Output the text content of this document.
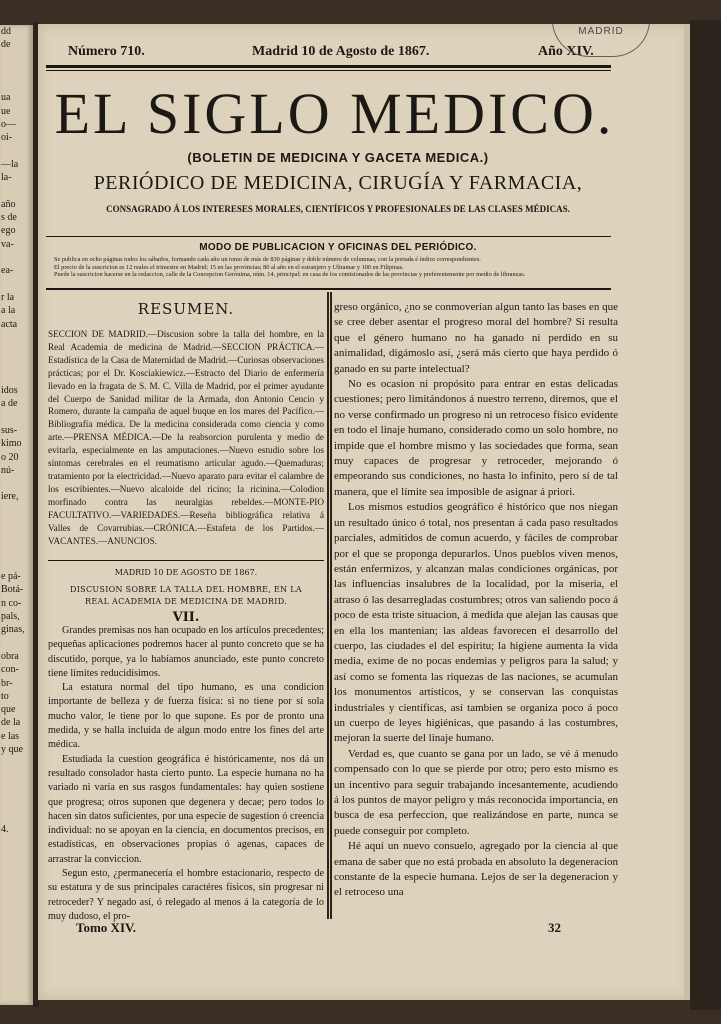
dd
de

ua
ue
o—
oi-

—la
la-

año
s de
ego
va-

ea-

r la
a la
acta

idos
a de

sus-
kimo
o 20
nú-

iere,

e pá-
Botá-
n co-
pals,
ginas,

obra
con-
br-
to
que
de la
e las
y que

4.
Número 710.	Madrid 10 de Agosto de 1867.	Año XIV.
MADRID
EL SIGLO MEDICO.
(BOLETIN DE MEDICINA Y GACETA MEDICA.)
PERIÓDICO DE MEDICINA, CIRUGÍA Y FARMACIA,
CONSAGRADO Á LOS INTERESES MORALES, CIENTÍFICOS Y PROFESIONALES DE LAS CLASES MÉDICAS.
MODO DE PUBLICACION Y OFICINAS DEL PERIÓDICO.
Se publica en ocho páginas todos los sábados, formando cada año un tomo de más de 830 páginas y doble número de columnas, con la portada é índice correspondientes.
El precio de la suscricion es 12 reales el trimestre en Madrid; 15 en las provincias; 80 al año en el estranjero y Ultramar y 100 en Filipinas.
Puede la suscricion hacerse en la redaccion, calle de la Concepcion Gerónima, núm. 14, principal; en casa de los comisionados de las provincias y preferentemente por medio de libranzas.
RESUMEN.

SECCION DE MADRID.—Discusion sobre la talla del hombre, en la Real Academia de medicina de Madrid.—SECCION PRÁCTICA.—Estadística de la Casa de Maternidad de Madrid.—Curiosas observaciones prácticas; por el Dr. Kosciakiewicz.—Estracto del Diario de enfermería llevado en la fragata de S. M. C. Villa de Madrid, por el primer ayudante del Cuerpo de Sanidad militar de la Armada, don Antonio Cencio y Romero, durante la campaña de aquel buque en los mares del Pacífico.—Bibliografía médica. De la medicina considerada como ciencia y como arte.—PRENSA MÉDICA.—De la reabsorcion purulenta y medio de evitarla, especialmente en las amputaciones.—Nuevo estudio sobre los síntomas cerebrales en el reumatismo articular agudo.—Quemaduras; tratamiento por la electricidad.—Nuevo aparato para evitar el calambre de los escribientes.—Nuevo alcaloide del ricino; la ricinina.—Colodion morfinado contra las neuralgias rebeldes.—MONTE-PIO FACULTATIVO.—VARIEDADES.—Reseña bibliográfica relativa á Valles de Covarrubias.—CRÓNICA.—Estafeta de los Partidos.—VACANTES.—ANUNCIOS.

MADRID 10 DE AGOSTO DE 1867.
DISCUSION SOBRE LA TALLA DEL HOMBRE, EN LA REAL ACADEMIA DE MEDICINA DE MADRID.
VII.

Grandes premisas nos han ocupado en los artículos precedentes; pequeñas aplicaciones podremos hacer al punto concreto que se ha discutido, porque, ya lo habíamos anunciado, este punto concreto tiene límites reducidísimos.

La estatura normal del tipo humano, es una condicion importante de belleza y de fuerza física: si no tiene por sí sola mucho valor, le tiene por lo que supone. Es por de pronto una medida, y se halla incluida de algun modo entre los fines del arte médica.

Estudiada la cuestion geográfica é históricamente, nos dá un resultado consolador hasta cierto punto. La especie humana no ha variado ni varía en sus rasgos fundamentales: hay quien sostiene que progresa; otros suponen que degenera y decae; pero todos lo hacen sin datos suficientes, por una especie de sugestion ó creencia individual: no se apoyan en la ciencia, en documentos precisos, en estadísticas, en observaciones propias ó agenas, capaces de arrastrar la conviccion.

Segun esto, ¿permanecería el hombre estacionario, respecto de su estatura y de sus principales caractéres físicos, sin progresar ni retroceder? Y negado así, ó relegado al menos á la categoría de lo muy dudoso, el pro-

greso orgánico, ¿no se conmoverían algun tanto las bases en que se cree deber asentar el progreso moral del hombre? Si resulta que el género humano no ha ganado ni perdido en su animalidad, digámoslo así, ¿será más cierto que haya perdido ó ganado en su parte intelectual?

No es ocasion ni propósito para entrar en estas delicadas cuestiones; pero limitándonos á nuestro terreno, diremos, que el no verse confirmado un progreso ni un retroceso físico evidente en todo el linaje humano, considerado como un solo hombre, no impide que el hombre mismo y las sociedades que forma, sean muy capaces de progresar y retroceder, mejorando ó empeorando sus condiciones, no hasta lo infinito, pero sí de tal manera, que el límite sea imposible de asignar á priori.

Los mismos estudios geográfico é histórico que nos niegan un resultado único ó total, nos presentan á cada paso resultados parciales, admitidos de comun acuerdo, y fáciles de comprobar por el que se proponga depurarlos. Unos pueblos viven menos, están enfermizos, y alcanzan malas condiciones orgánicas, por las influencias insalubres de la localidad, por la miseria, el atraso ó las desarregladas costumbres; otros van saliendo poco á poco de esta triste situacion, á medida que alejan las causas que en ella los mantenian; las aldeas favorecen el desarrollo del cuerpo, las ciudades el del espíritu; la higiene aumenta la vida media, exime de no pocas endemias y peligros para la salud; y así como se fomenta las riquezas de las naciones, se acumulan los monumentos artísticos, y se conservan las conquistas industriales y científicas, así tambien se organiza poco á poco un cuerpo de leyes higiénicas, que pasando á las costumbres, mejoran la suerte del linaje humano.

Verdad es, que cuanto se gana por un lado, se vé á menudo compensado con lo que se pierde por otro; pero esto mismo es un incentivo para seguir trabajando incesantemente, acudiendo á los puntos de mayor peligro y más reconocida importancia, en busca de esa perfeccion, que realizándose en parte, nunca se puede conseguir por completo.

Hé aquí un nuevo consuelo, agregado por la ciencia al que emana de saber que no está probada en absoluto la degeneracion constante de la especie humana. Lejos de ser la degeneracion y el retroceso una

Tomo XIV.	32
